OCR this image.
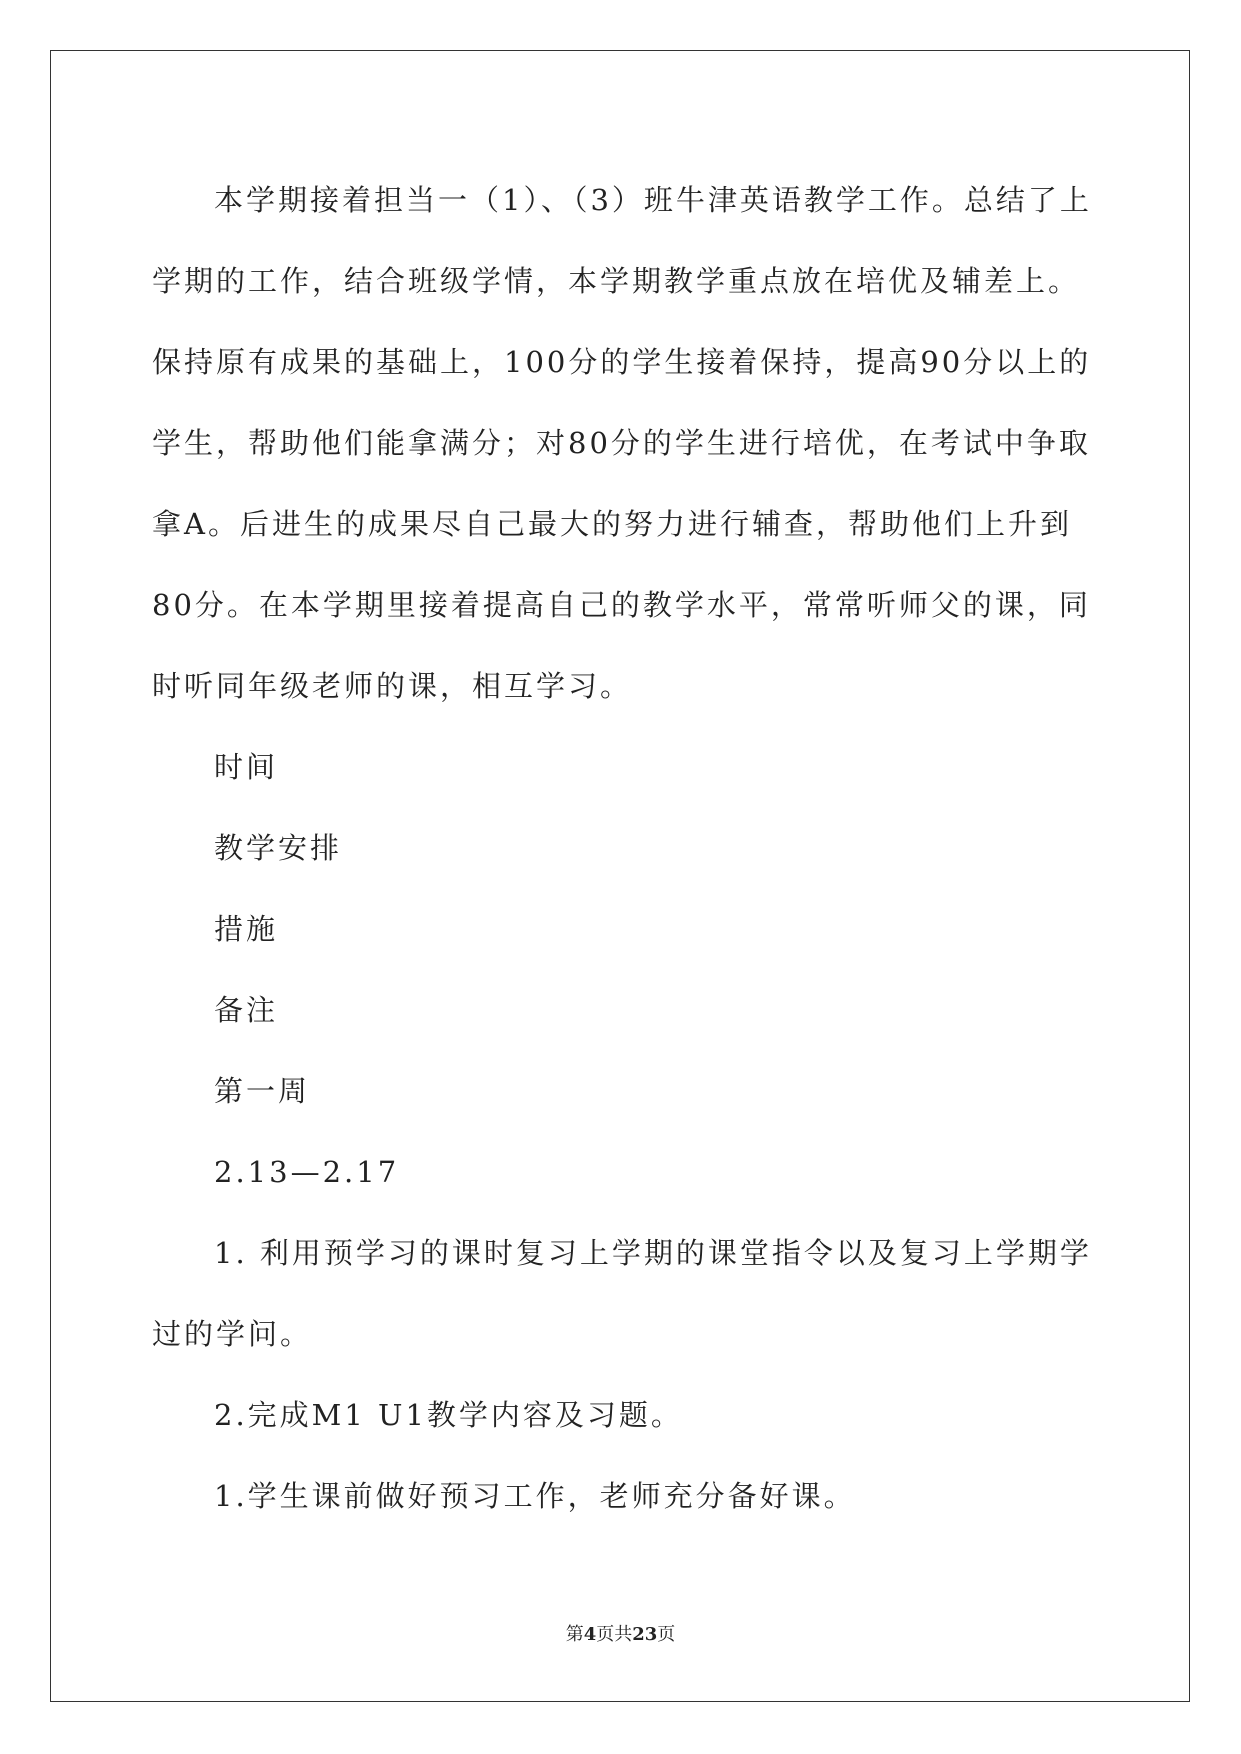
本学期接着担当一（1）、（3）班牛津英语教学工作。总结了上学期的工作，结合班级学情，本学期教学重点放在培优及辅差上。保持原有成果的基础上，100分的学生接着保持，提高90分以上的学生，帮助他们能拿满分；对80分的学生进行培优，在考试中争取拿A。后进生的成果尽自己最大的努力进行辅查，帮助他们上升到80分。在本学期里接着提高自己的教学水平，常常听师父的课，同时听同年级老师的课，相互学习。

时间

教学安排

措施

备注

第一周

2.13—2.17

1. 利用预学习的课时复习上学期的课堂指令以及复习上学期学过的学问。

2.完成M1 U1教学内容及习题。

1.学生课前做好预习工作，老师充分备好课。

第4页共23页
